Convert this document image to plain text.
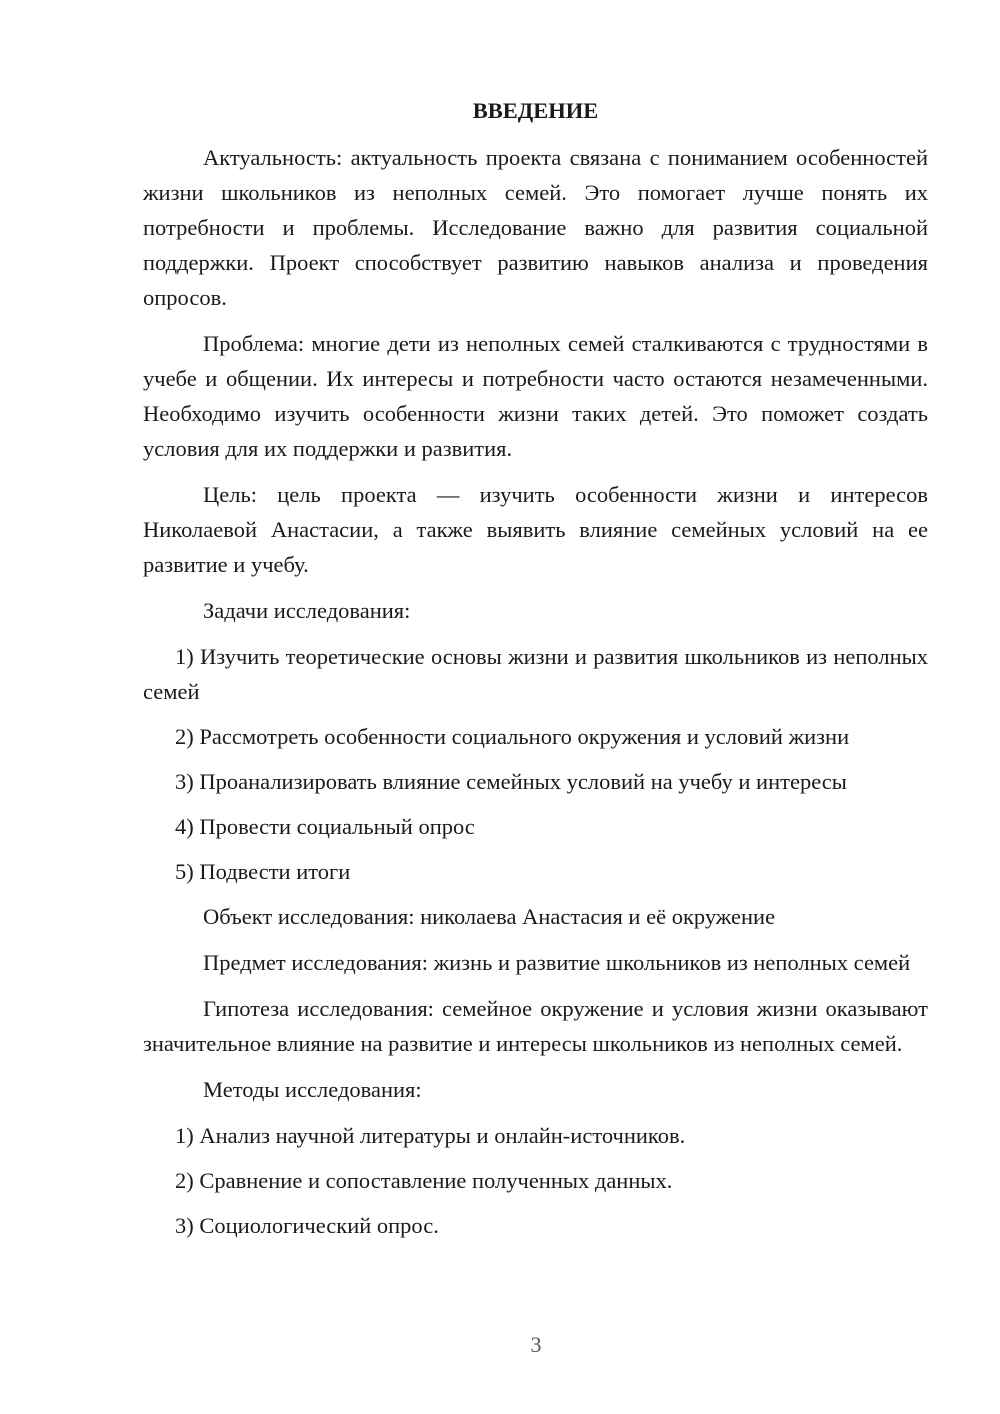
ВВЕДЕНИЕ

Актуальность: актуальность проекта связана с пониманием особенностей жизни школьников из неполных семей. Это помогает лучше понять их потребности и проблемы. Исследование важно для развития социальной поддержки. Проект способствует развитию навыков анализа и проведения опросов.

Проблема: многие дети из неполных семей сталкиваются с трудностями в учебе и общении. Их интересы и потребности часто остаются незамеченными. Необходимо изучить особенности жизни таких детей. Это поможет создать условия для их поддержки и развития.

Цель: цель проекта — изучить особенности жизни и интересов Николаевой Анастасии, а также выявить влияние семейных условий на ее развитие и учебу.

Задачи исследования:

1) Изучить теоретические основы жизни и развития школьников из неполных семей

2) Рассмотреть особенности социального окружения и условий жизни

3) Проанализировать влияние семейных условий на учебу и интересы

4) Провести социальный опрос

5) Подвести итоги

Объект исследования: николаева Анастасия и её окружение

Предмет исследования: жизнь и развитие школьников из неполных семей

Гипотеза исследования: семейное окружение и условия жизни оказывают значительное влияние на развитие и интересы школьников из неполных семей.

Методы исследования:

1) Анализ научной литературы и онлайн-источников.

2) Сравнение и сопоставление полученных данных.

3) Социологический опрос.

3
